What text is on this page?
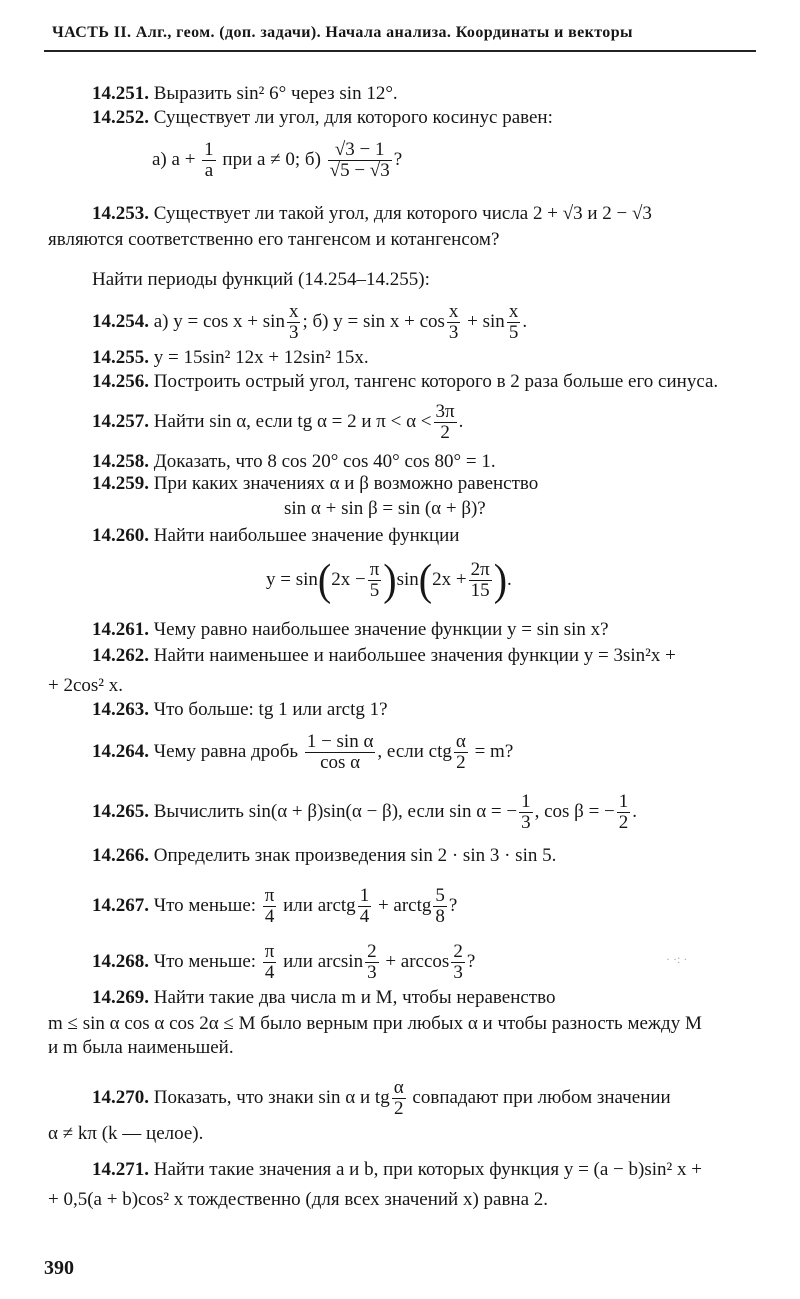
ЧАСТЬ II. Алг., геом. (доп. задачи). Начала анализа. Координаты и векторы
14.251. Выразить sin² 6° через sin 12°.
14.252. Существует ли угол, для которого косинус равен:
а) $a + \frac{1}{a}$ при a ≠ 0; $б) \frac{√3 - 1}{√5 - √3}$ ?
14.253. Существует ли такой угол, для которого числа 2 + √3 и 2 − √3
являются соответственно его тангенсом и котангенсом?
Найти периоды функций (14.254–14.255):
14.254. а) $y = \cos x + \sin \frac{x}{3}$ ; б) $y = \sin x + \cos \frac{x}{3} + \sin \frac{x}{5}$ .
14.255. y = 15sin² 12x + 12sin² 15x.
14.256. Построить острый угол, тангенс которого в 2 раза больше его синуса.
14.257. Найти sin α, если tg α = 2 и $\pi < \alpha < \frac{3\pi}{2}$ .
14.258. Доказать, что 8 cos 20° cos 40° cos 80° = 1.
14.259. При каких значениях α и β возможно равенство
sin α + sin β = sin (α + β)?
14.260. Найти наибольшее значение функции
$y = \sin(2x - \frac{\pi}{5} )\sin(2x + \frac{2\pi}{15}$ ).
14.261. Чему равно наибольшее значение функции y = sin sin x?
14.262. Найти наименьшее и наибольшее значения функции y = 3sin²x +
+ 2cos² x.
14.263. Что больше: tg 1 или arctg 1?
14.264. Чему равна дробь $\frac{\text{1 − sin α}}{\text{cos α}}$ , если ctg $\frac{\alpha}{2} = m$?
14.265. Вычислить sin(α + β)sin(α − β), если sin α = − $\frac{1}{3}$ , cos β = − $\frac{1}{2}$ .
14.266. Определить знак произведения sin 2 · sin 3 · sin 5.
14.267. Что меньше: $\frac{\pi}{4}$ или arctg $\frac{1}{4}$ + arctg $\frac{5}{8}$ ?
14.268. Что меньше: $\frac{\pi}{4}$ или $\arcsin \frac{2}{3} + \arccos \frac{2}{3}$ ?	· ·: ·
14.269. Найти такие два числа m и M, чтобы неравенство
m ≤ sin α cos α cos 2α ≤ M было верным при любых α и чтобы разность между M
и m была наименьшей.
14.270. Показать, что знаки sin α и tg $\frac{\alpha}{2}$ совпадают при любом значении
α ≠ kπ (k — целое).
14.271. Найти такие значения a и b, при которых функция y = (a − b)sin² x +
+ 0,5(a + b)cos² x тождественно (для всех значений x) равна 2.
390
